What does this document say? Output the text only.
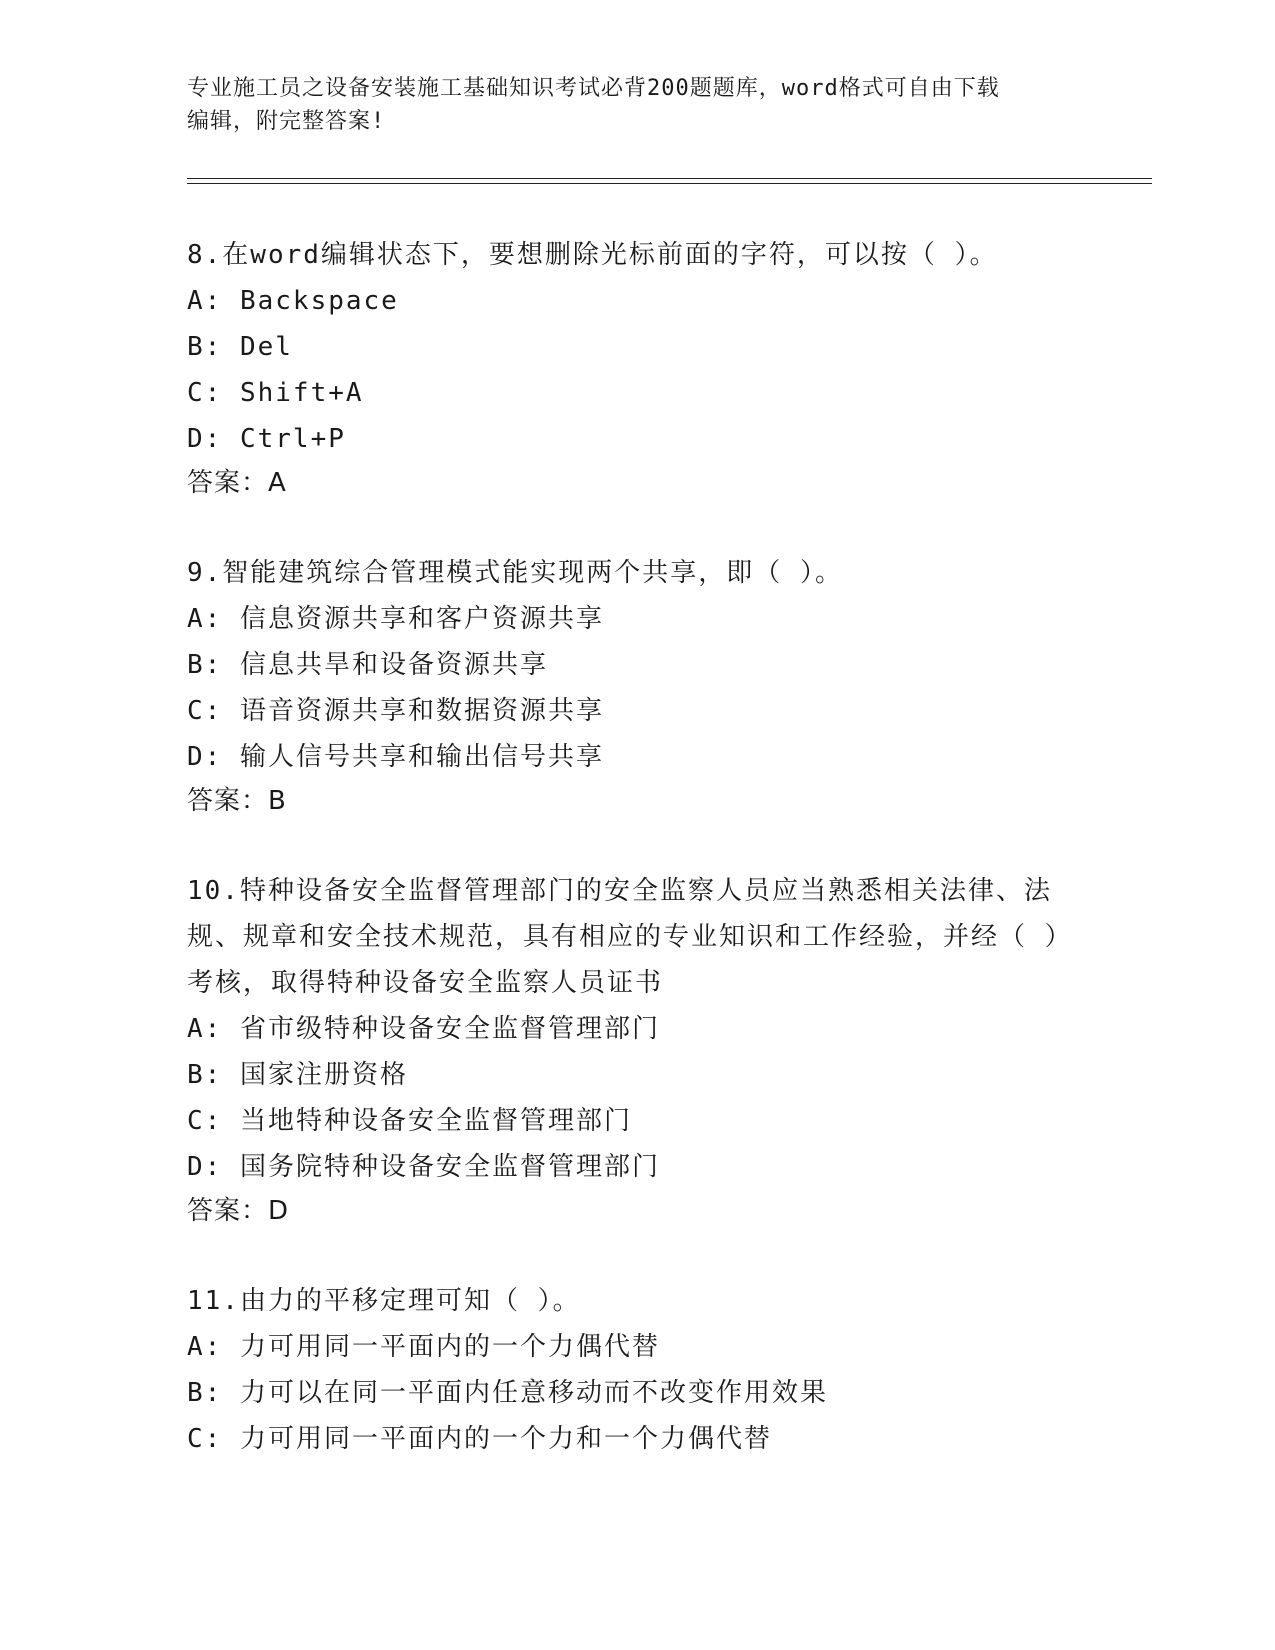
专业施工员之设备安装施工基础知识考试必背200题题库，word格式可自由下载
编辑，附完整答案!

8.在word编辑状态下，要想删除光标前面的字符，可以按（ ）。

A: Backspace

B: Del

C: Shift+A

D: Ctrl+P

答案：A

9.智能建筑综合管理模式能实现两个共享，即（ ）。

A: 信息资源共享和客户资源共享

B: 信息共旱和设备资源共享

C: 语音资源共享和数据资源共享

D: 输人信号共享和输出信号共享

答案：B

10.特种设备安全监督管理部门的安全监察人员应当熟悉相关法律、法规、规章和安全技术规范，具有相应的专业知识和工作经验，并经（ ）考核，取得特种设备安全监察人员证书

A: 省市级特种设备安全监督管理部门

B: 国家注册资格

C: 当地特种设备安全监督管理部门

D: 国务院特种设备安全监督管理部门

答案：D

11.由力的平移定理可知（ ）。

A: 力可用同一平面内的一个力偶代替

B: 力可以在同一平面内任意移动而不改变作用效果

C: 力可用同一平面内的一个力和一个力偶代替
